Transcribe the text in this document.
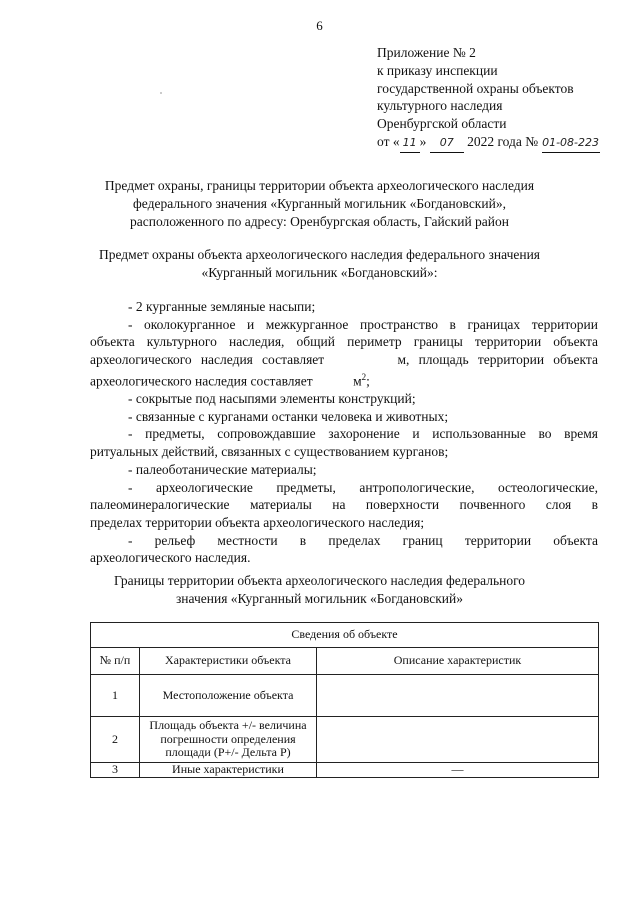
6
Приложение № 2
к приказу инспекции
государственной охраны объектов
культурного наследия
Оренбургской области
от « 11 » 07 2022 года № 01-08-223
Предмет охраны, границы территории объекта археологического наследия
федерального значения «Курганный могильник «Богдановский»,
расположенного по адресу: Оренбургская область, Гайский район
Предмет охраны объекта археологического наследия федерального значения
«Курганный могильник «Богдановский»:

- 2 курганные земляные насыпи;

- околокурганное и межкурганное пространство в границах территории

объекта культурного наследия, общий периметр границы территории объекта

археологического наследия составляет        м, площадь территории объекта

археологического наследия составляет            $м^2$;

- сокрытые под насыпями элементы конструкций;

- связанные с курганами останки человека и животных;

- предметы, сопровождавшие захоронение и использованные во время

ритуальных действий, связанных с существованием курганов;

- палеоботанические материалы;

- археологические предметы, антропологические, остеологические,

палеоминералогические материалы на поверхности почвенного слоя в

пределах территории объекта археологического наследия;

- рельеф местности в пределах границ территории объекта

археологического наследия.

Границы территории объекта археологического наследия федерального
значения «Курганный могильник «Богдановский»
Сведения об объекте		
№ п/п	Характеристики объекта	Описание характеристик
1	Местоположение объекта	
2	Площадь объекта +/- величина погрешности определения площади (Р+/- Дельта Р)	
3	Иные характеристики	—
